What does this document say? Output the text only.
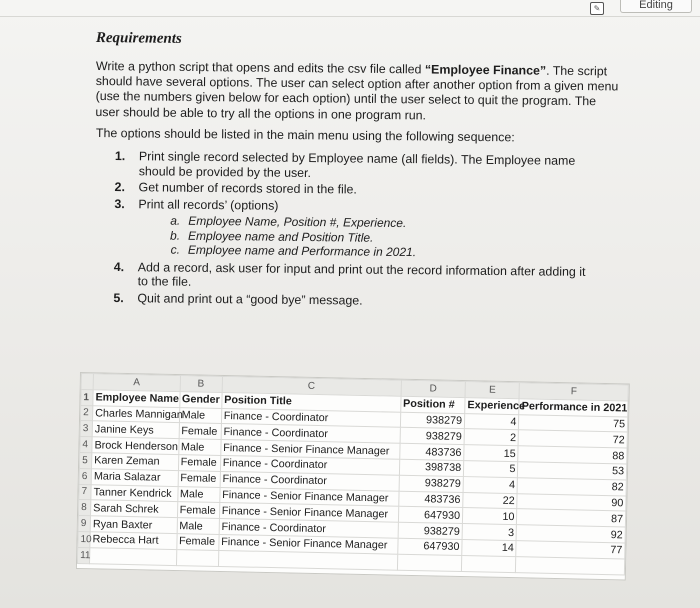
✎	Editing
Requirements
Write a python script that opens and edits the csv file called “Employee Finance”. The script should have several options. The user can select option after another option from a given menu (use the numbers given below for each option) until the user select to quit the program. The user should be able to try all the options in one program run.
The options should be listed in the main menu using the following sequence:
1.	Print single record selected by Employee name (all fields). The Employee name should be provided by the user.
2.	Get number of records stored in the file.
3.	Print all records’ (options)
a. Employee Name, Position #, Experience.
b. Employee name and Position Title.
c. Employee name and Performance in 2021.
4.	Add a record, ask user for input and print out the record information after adding it to the file.
5.	Quit and print out a “good bye” message.
	A	B	C	D	E	F
1	Employee Name	Gender	Position Title	Position #	Experience	Performance in 2021
2	Charles Mannigan	Male	Finance - Coordinator	938279	4	75
3	Janine Keys	Female	Finance - Coordinator	938279	2	72
4	Brock Henderson	Male	Finance - Senior Finance Manager	483736	15	88
5	Karen Zeman	Female	Finance - Coordinator	398738	5	53
6	Maria Salazar	Female	Finance - Coordinator	938279	4	82
7	Tanner Kendrick	Male	Finance - Senior Finance Manager	483736	22	90
8	Sarah Schrek	Female	Finance - Senior Finance Manager	647930	10	87
9	Ryan Baxter	Male	Finance - Coordinator	938279	3	92
10	Rebecca Hart	Female	Finance - Senior Finance Manager	647930	14	77
11						
